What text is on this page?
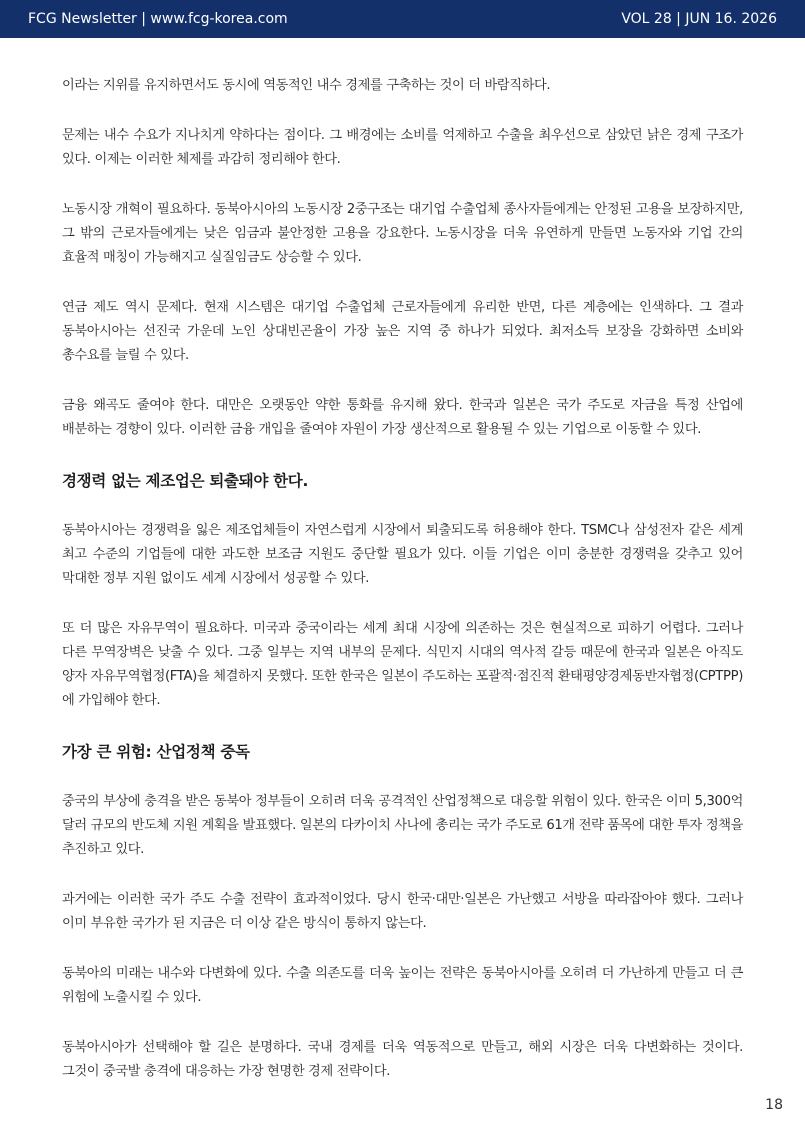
FCG Newsletter | www.fcg-korea.com	VOL 28 | JUN 16. 2026

이라는 지위를 유지하면서도 동시에 역동적인 내수 경제를 구축하는 것이 더 바람직하다.

문제는 내수 수요가 지나치게 약하다는 점이다. 그 배경에는 소비를 억제하고 수출을 최우선으로 삼았던 낡은 경제 구조가 있다. 이제는 이러한 체제를 과감히 정리해야 한다.

노동시장 개혁이 필요하다. 동북아시아의 노동시장 2중구조는 대기업 수출업체 종사자들에게는 안정된 고용을 보장하지만, 그 밖의 근로자들에게는 낮은 임금과 불안정한 고용을 강요한다. 노동시장을 더욱 유연하게 만들면 노동자와 기업 간의 효율적 매칭이 가능해지고 실질임금도 상승할 수 있다.

연금 제도 역시 문제다. 현재 시스템은 대기업 수출업체 근로자들에게 유리한 반면, 다른 계층에는 인색하다. 그 결과 동북아시아는 선진국 가운데 노인 상대빈곤율이 가장 높은 지역 중 하나가 되었다. 최저소득 보장을 강화하면 소비와 총수요를 늘릴 수 있다.

금융 왜곡도 줄여야 한다. 대만은 오랫동안 약한 통화를 유지해 왔다. 한국과 일본은 국가 주도로 자금을 특정 산업에 배분하는 경향이 있다. 이러한 금융 개입을 줄여야 자원이 가장 생산적으로 활용될 수 있는 기업으로 이동할 수 있다.

경쟁력 없는 제조업은 퇴출돼야 한다.

동북아시아는 경쟁력을 잃은 제조업체들이 자연스럽게 시장에서 퇴출되도록 허용해야 한다. TSMC나 삼성전자 같은 세계 최고 수준의 기업들에 대한 과도한 보조금 지원도 중단할 필요가 있다. 이들 기업은 이미 충분한 경쟁력을 갖추고 있어 막대한 정부 지원 없이도 세계 시장에서 성공할 수 있다.

또 더 많은 자유무역이 필요하다. 미국과 중국이라는 세계 최대 시장에 의존하는 것은 현실적으로 피하기 어렵다. 그러나 다른 무역장벽은 낮출 수 있다. 그중 일부는 지역 내부의 문제다. 식민지 시대의 역사적 갈등 때문에 한국과 일본은 아직도 양자 자유무역협정(FTA)을 체결하지 못했다. 또한 한국은 일본이 주도하는 포괄적·점진적 환태평양경제동반자협정(CPTPP)에 가입해야 한다.

가장 큰 위험: 산업정책 중독

중국의 부상에 충격을 받은 동북아 정부들이 오히려 더욱 공격적인 산업정책으로 대응할 위험이 있다. 한국은 이미 5,300억 달러 규모의 반도체 지원 계획을 발표했다. 일본의 다카이치 사나에 총리는 국가 주도로 61개 전략 품목에 대한 투자 정책을 추진하고 있다.

과거에는 이러한 국가 주도 수출 전략이 효과적이었다. 당시 한국·대만·일본은 가난했고 서방을 따라잡아야 했다. 그러나 이미 부유한 국가가 된 지금은 더 이상 같은 방식이 통하지 않는다.

동북아의 미래는 내수와 다변화에 있다. 수출 의존도를 더욱 높이는 전략은 동북아시아를 오히려 더 가난하게 만들고 더 큰 위험에 노출시킬 수 있다.

동북아시아가 선택해야 할 길은 분명하다. 국내 경제를 더욱 역동적으로 만들고, 해외 시장은 더욱 다변화하는 것이다. 그것이 중국발 충격에 대응하는 가장 현명한 경제 전략이다.

18
